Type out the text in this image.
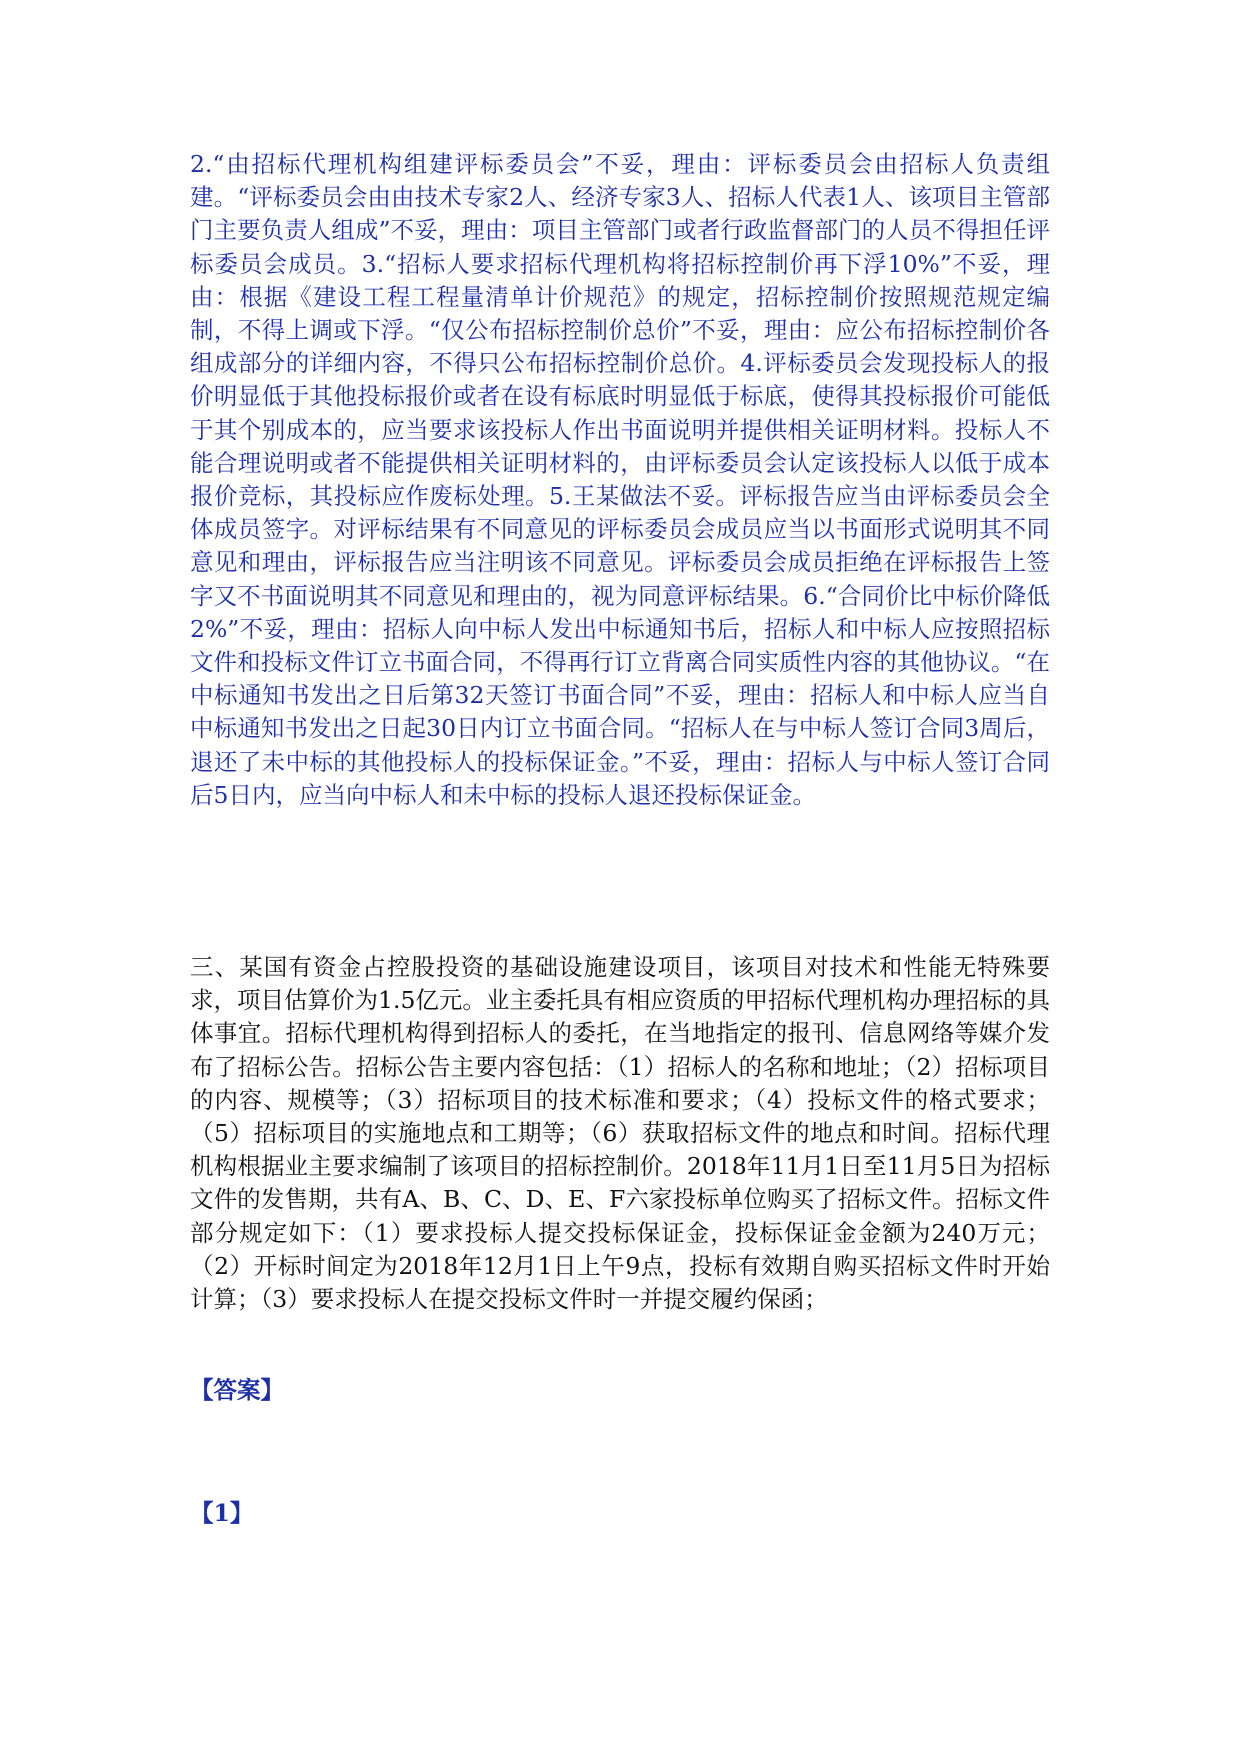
2.“由招标代理机构组建评标委员会”不妥，理由：评标委员会由招标人负责组建。“评标委员会由由技术专家2人、经济专家3人、招标人代表1人、该项目主管部门主要负责人组成”不妥，理由：项目主管部门或者行政监督部门的人员不得担任评标委员会成员。3.“招标人要求招标代理机构将招标控制价再下浮10%”不妥，理由：根据《建设工程工程量清单计价规范》的规定，招标控制价按照规范规定编制，不得上调或下浮。“仅公布招标控制价总价”不妥，理由：应公布招标控制价各组成部分的详细内容，不得只公布招标控制价总价。4.评标委员会发现投标人的报价明显低于其他投标报价或者在设有标底时明显低于标底，使得其投标报价可能低于其个别成本的，应当要求该投标人作出书面说明并提供相关证明材料。投标人不能合理说明或者不能提供相关证明材料的，由评标委员会认定该投标人以低于成本报价竞标，其投标应作废标处理。5.王某做法不妥。评标报告应当由评标委员会全体成员签字。对评标结果有不同意见的评标委员会成员应当以书面形式说明其不同意见和理由，评标报告应当注明该不同意见。评标委员会成员拒绝在评标报告上签字又不书面说明其不同意见和理由的，视为同意评标结果。6.“合同价比中标价降低2%”不妥，理由：招标人向中标人发出中标通知书后，招标人和中标人应按照招标文件和投标文件订立书面合同，不得再行订立背离合同实质性内容的其他协议。“在中标通知书发出之日后第32天签订书面合同”不妥，理由：招标人和中标人应当自中标通知书发出之日起30日内订立书面合同。“招标人在与中标人签订合同3周后，退还了未中标的其他投标人的投标保证金。”不妥，理由：招标人与中标人签订合同后5日内，应当向中标人和未中标的投标人退还投标保证金。

三、某国有资金占控股投资的基础设施建设项目，该项目对技术和性能无特殊要求，项目估算价为1.5亿元。业主委托具有相应资质的甲招标代理机构办理招标的具体事宜。招标代理机构得到招标人的委托，在当地指定的报刊、信息网络等媒介发布了招标公告。招标公告主要内容包括：（1）招标人的名称和地址；（2）招标项目的内容、规模等；（3）招标项目的技术标准和要求；（4）投标文件的格式要求；（5）招标项目的实施地点和工期等；（6）获取招标文件的地点和时间。招标代理机构根据业主要求编制了该项目的招标控制价。2018年11月1日至11月5日为招标文件的发售期，共有A、B、C、D、E、F六家投标单位购买了招标文件。招标文件部分规定如下：（1）要求投标人提交投标保证金，投标保证金金额为240万元；（2）开标时间定为2018年12月1日上午9点，投标有效期自购买招标文件时开始计算；（3）要求投标人在提交投标文件时一并提交履约保函；

【答案】

【1】
